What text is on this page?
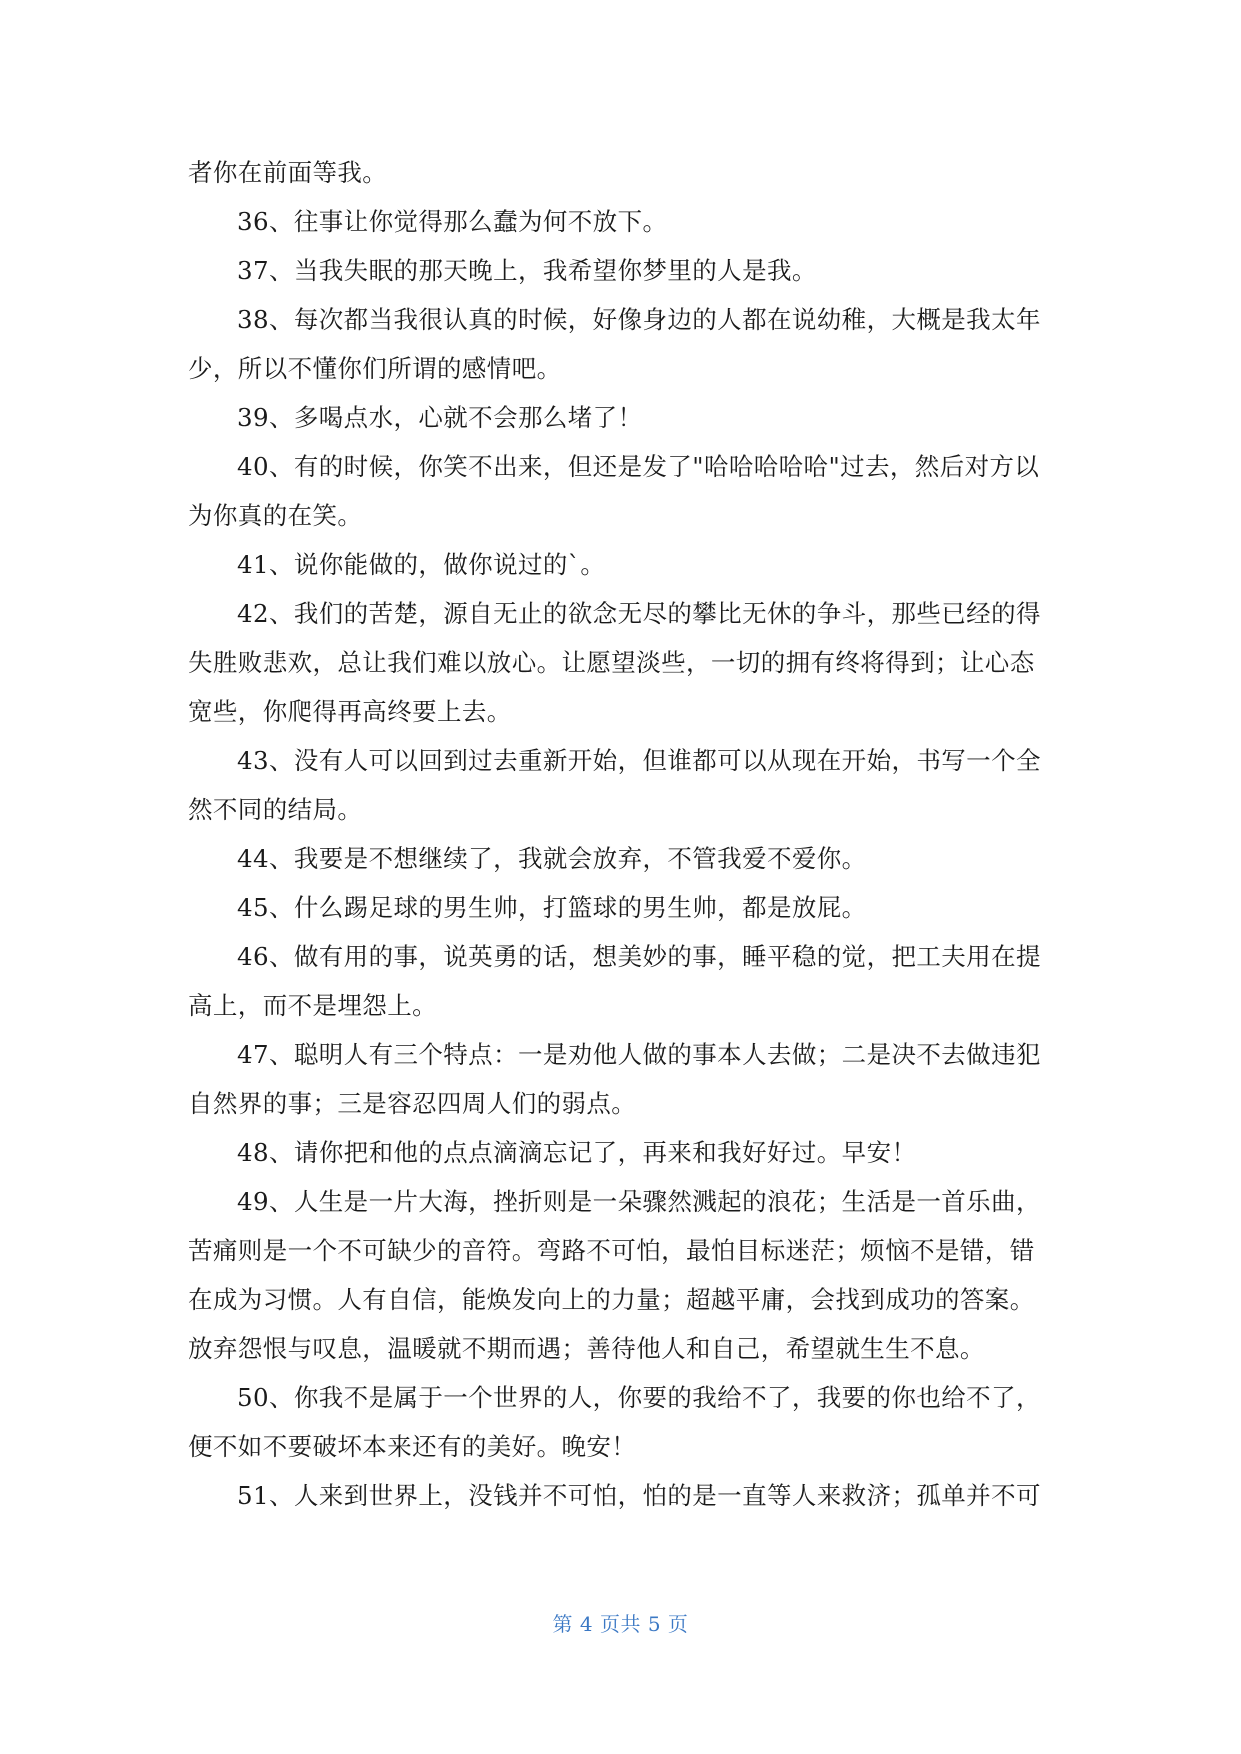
者你在前面等我。

36、往事让你觉得那么蠢为何不放下。

37、当我失眠的那天晚上，我希望你梦里的人是我。

38、每次都当我很认真的时候，好像身边的人都在说幼稚，大概是我太年
少，所以不懂你们所谓的感情吧。

39、多喝点水，心就不会那么堵了！

40、有的时候，你笑不出来，但还是发了"哈哈哈哈哈"过去，然后对方以
为你真的在笑。

41、说你能做的，做你说过的`。

42、我们的苦楚，源自无止的欲念无尽的攀比无休的争斗，那些已经的得
失胜败悲欢，总让我们难以放心。让愿望淡些，一切的拥有终将得到；让心态
宽些，你爬得再高终要上去。

43、没有人可以回到过去重新开始，但谁都可以从现在开始，书写一个全
然不同的结局。

44、我要是不想继续了，我就会放弃，不管我爱不爱你。

45、什么踢足球的男生帅，打篮球的男生帅，都是放屁。

46、做有用的事，说英勇的话，想美妙的事，睡平稳的觉，把工夫用在提
高上，而不是埋怨上。

47、聪明人有三个特点：一是劝他人做的事本人去做；二是决不去做违犯
自然界的事；三是容忍四周人们的弱点。

48、请你把和他的点点滴滴忘记了，再来和我好好过。早安！

49、人生是一片大海，挫折则是一朵骤然溅起的浪花；生活是一首乐曲，
苦痛则是一个不可缺少的音符。弯路不可怕，最怕目标迷茫；烦恼不是错，错
在成为习惯。人有自信，能焕发向上的力量；超越平庸，会找到成功的答案。
放弃怨恨与叹息，温暖就不期而遇；善待他人和自己，希望就生生不息。

50、你我不是属于一个世界的人，你要的我给不了，我要的你也给不了，
便不如不要破坏本来还有的美好。晚安！

51、人来到世界上，没钱并不可怕，怕的是一直等人来救济；孤单并不可

第 4 页共 5 页
